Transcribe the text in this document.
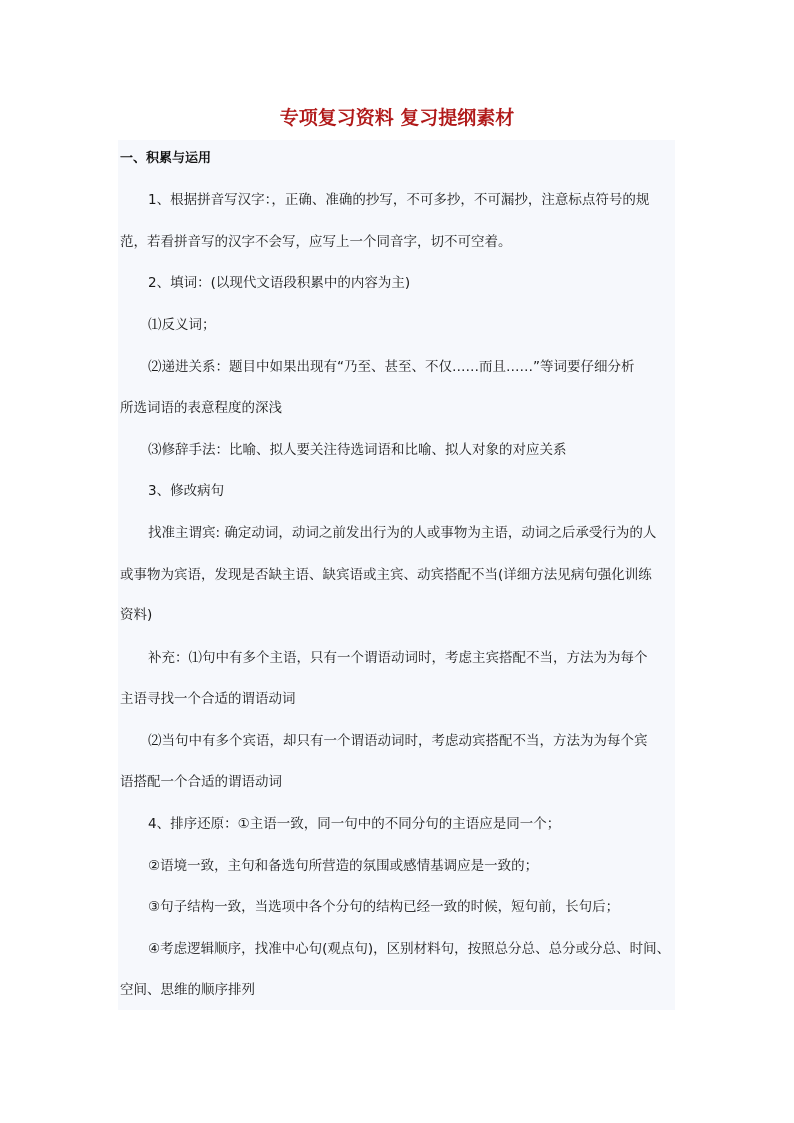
专项复习资料 复习提纲素材
一、积累与运用
1、根据拼音写汉字：，正确、准确的抄写，不可多抄，不可漏抄，注意标点符号的规
范，若看拼音写的汉字不会写，应写上一个同音字，切不可空着。
2、填词：(以现代文语段积累中的内容为主)
⑴反义词；
⑵递进关系：题目中如果出现有“乃至、甚至、不仅……而且……”等词要仔细分析
所选词语的表意程度的深浅
⑶修辞手法：比喻、拟人要关注待选词语和比喻、拟人对象的对应关系
3、修改病句
找准主谓宾: 确定动词，动词之前发出行为的人或事物为主语，动词之后承受行为的人
或事物为宾语，发现是否缺主语、缺宾语或主宾、动宾搭配不当(详细方法见病句强化训练
资料)
补充：⑴句中有多个主语，只有一个谓语动词时，考虑主宾搭配不当，方法为为每个
主语寻找一个合适的谓语动词
⑵当句中有多个宾语，却只有一个谓语动词时，考虑动宾搭配不当，方法为为每个宾
语搭配一个合适的谓语动词
4、排序还原：①主语一致，同一句中的不同分句的主语应是同一个；
②语境一致，主句和备选句所营造的氛围或感情基调应是一致的；
③句子结构一致，当选项中各个分句的结构已经一致的时候，短句前，长句后；
④考虑逻辑顺序，找准中心句(观点句)，区别材料句，按照总分总、总分或分总、时间、
空间、思维的顺序排列
